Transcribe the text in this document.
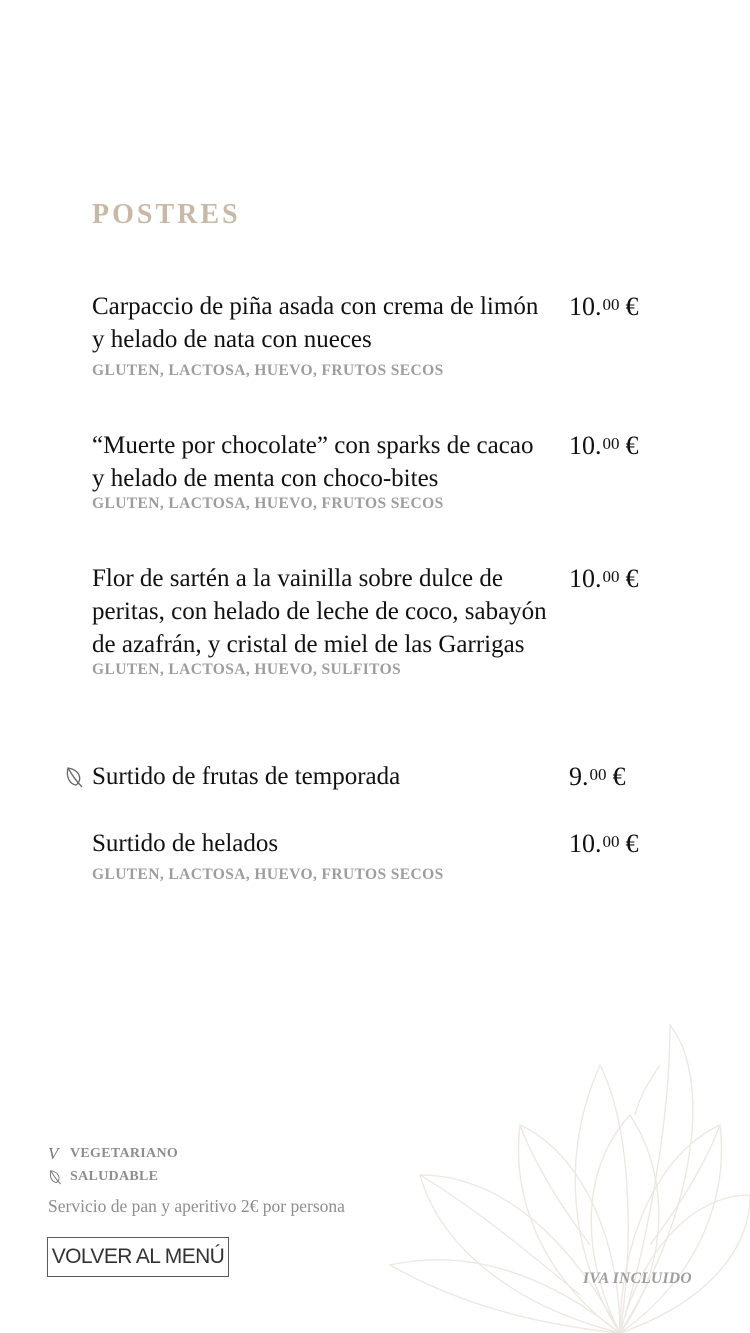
POSTRES
Carpaccio de piña asada con crema de limón y helado de nata con nueces
10.00 €
GLUTEN, LACTOSA, HUEVO, FRUTOS SECOS
“Muerte por chocolate” con sparks de cacao y helado de menta con choco-bites
10.00 €
GLUTEN, LACTOSA, HUEVO, FRUTOS SECOS
Flor de sartén a la vainilla sobre dulce de peritas, con helado de leche de coco, sabayón de azafrán, y cristal de miel de las Garrigas
10.00 €
GLUTEN, LACTOSA, HUEVO, SULFITOS
Surtido de frutas de temporada	9.00 €
Surtido de helados	10.00 €
GLUTEN, LACTOSA, HUEVO, FRUTOS SECOS
V VEGETARIANO
SALUDABLE
Servicio de pan y aperitivo 2€ por persona
VOLVER AL MENÚ
IVA INCLUIDO
